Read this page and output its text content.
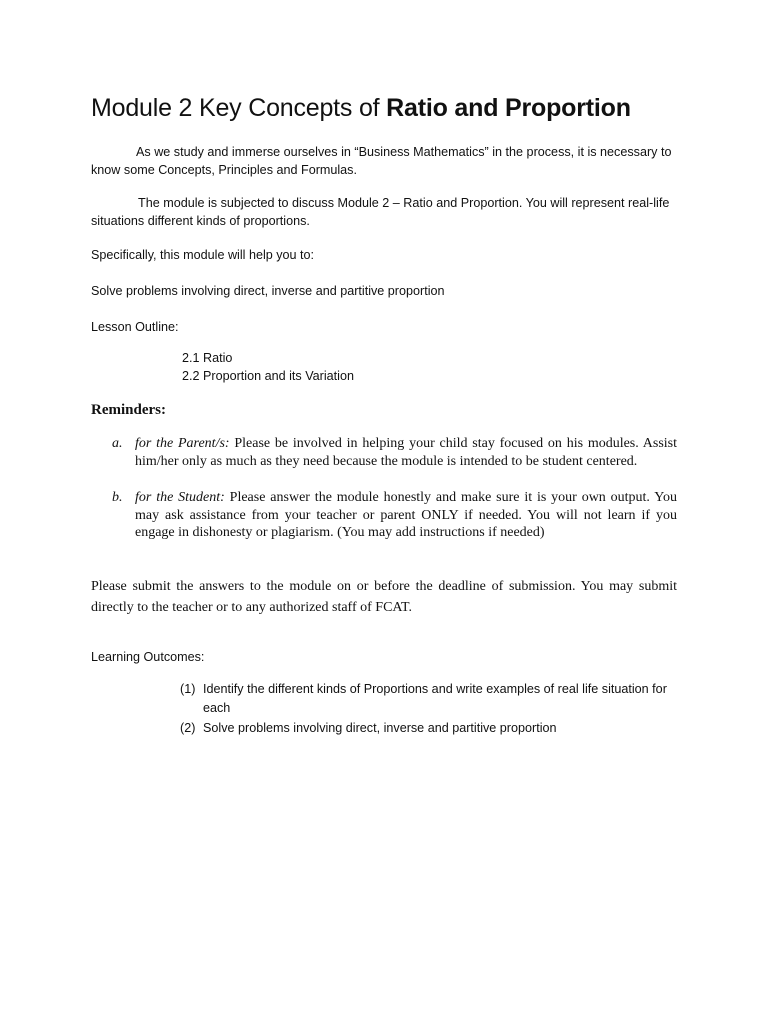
Module 2 Key Concepts of Ratio and Proportion
As we study and immerse ourselves in “Business Mathematics” in the process, it is necessary to know some Concepts, Principles and Formulas.
The module is subjected to discuss Module 2 – Ratio and Proportion. You will represent real-life situations different kinds of proportions.
Specifically, this module will help you to:
Solve problems involving direct, inverse and partitive proportion
Lesson Outline:
2.1 Ratio
2.2 Proportion and its Variation
Reminders:
a. for the Parent/s: Please be involved in helping your child stay focused on his modules. Assist him/her only as much as they need because the module is intended to be student centered.
b. for the Student: Please answer the module honestly and make sure it is your own output. You may ask assistance from your teacher or parent ONLY if needed. You will not learn if you engage in dishonesty or plagiarism. (You may add instructions if needed)
Please submit the answers to the module on or before the deadline of submission. You may submit directly to the teacher or to any authorized staff of FCAT.
Learning Outcomes:
(1) Identify the different kinds of Proportions and write examples of real life situation for each
(2) Solve problems involving direct, inverse and partitive proportion
